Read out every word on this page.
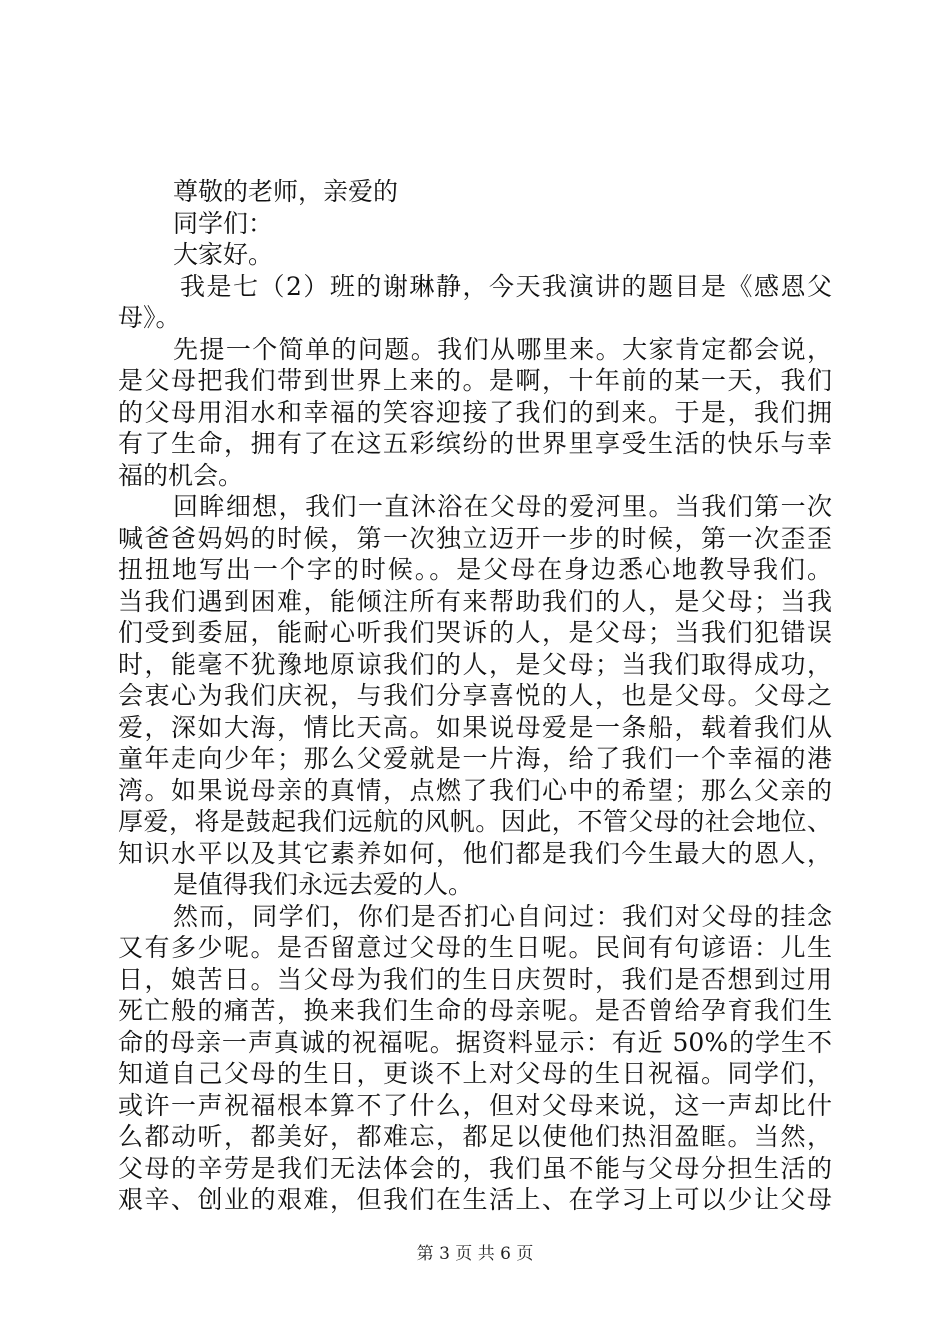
尊敬的老师，亲爱的
同学们：
大家好。
我是七（2）班的谢琳静，今天我演讲的题目是《感恩父
母》。
先提一个简单的问题。我们从哪里来。大家肯定都会说，
是父母把我们带到世界上来的。是啊，十年前的某一天，我们
的父母用泪水和幸福的笑容迎接了我们的到来。于是，我们拥
有了生命，拥有了在这五彩缤纷的世界里享受生活的快乐与幸
福的机会。
回眸细想，我们一直沐浴在父母的爱河里。当我们第一次
喊爸爸妈妈的时候，第一次独立迈开一步的时候，第一次歪歪
扭扭地写出一个字的时候。。是父母在身边悉心地教导我们。
当我们遇到困难，能倾注所有来帮助我们的人，是父母；当我
们受到委屈，能耐心听我们哭诉的人，是父母；当我们犯错误
时，能毫不犹豫地原谅我们的人，是父母；当我们取得成功，
会衷心为我们庆祝，与我们分享喜悦的人，也是父母。父母之
爱，深如大海，情比天高。如果说母爱是一条船，载着我们从
童年走向少年；那么父爱就是一片海，给了我们一个幸福的港
湾。如果说母亲的真情，点燃了我们心中的希望；那么父亲的
厚爱，将是鼓起我们远航的风帆。因此，不管父母的社会地位、
知识水平以及其它素养如何，他们都是我们今生最大的恩人，
是值得我们永远去爱的人。
然而，同学们，你们是否扪心自问过：我们对父母的挂念
又有多少呢。是否留意过父母的生日呢。民间有句谚语：儿生
日，娘苦日。当父母为我们的生日庆贺时，我们是否想到过用
死亡般的痛苦，换来我们生命的母亲呢。是否曾给孕育我们生
命的母亲一声真诚的祝福呢。据资料显示：有近 50%的学生不
知道自己父母的生日，更谈不上对父母的生日祝福。同学们，
或许一声祝福根本算不了什么，但对父母来说，这一声却比什
么都动听，都美好，都难忘，都足以使他们热泪盈眶。当然，
父母的辛劳是我们无法体会的，我们虽不能与父母分担生活的
艰辛、创业的艰难，但我们在生活上、在学习上可以少让父母
第 3 页 共 6 页
